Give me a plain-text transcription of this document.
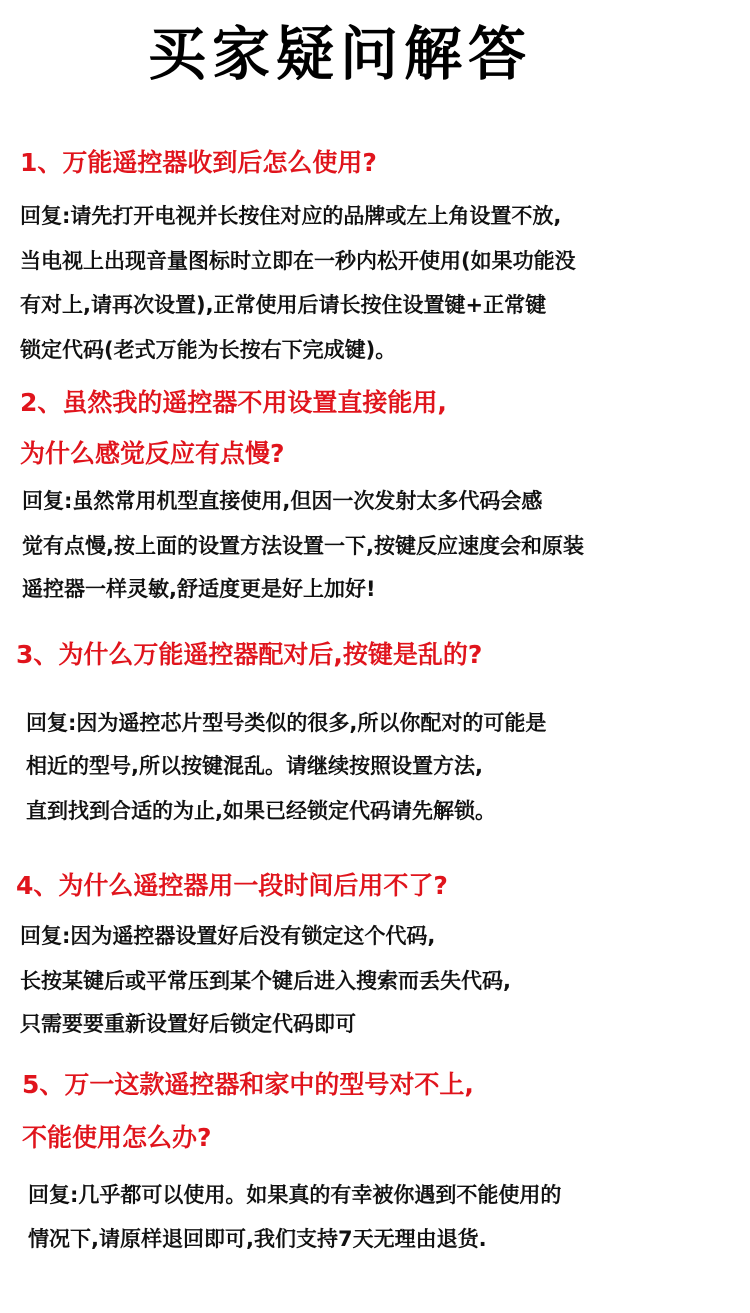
买家疑问解答
1、万能遥控器收到后怎么使用?
回复:请先打开电视并长按住对应的品牌或左上角设置不放,
当电视上出现音量图标时立即在一秒内松开使用(如果功能没
有对上,请再次设置),正常使用后请长按住设置键+正常键
锁定代码(老式万能为长按右下完成键)。
2、虽然我的遥控器不用设置直接能用,
为什么感觉反应有点慢?
回复:虽然常用机型直接使用,但因一次发射太多代码会感
觉有点慢,按上面的设置方法设置一下,按键反应速度会和原装
遥控器一样灵敏,舒适度更是好上加好!
3、为什么万能遥控器配对后,按键是乱的?
回复:因为遥控芯片型号类似的很多,所以你配对的可能是
相近的型号,所以按键混乱。请继续按照设置方法,
直到找到合适的为止,如果已经锁定代码请先解锁。
4、为什么遥控器用一段时间后用不了?
回复:因为遥控器设置好后没有锁定这个代码,
长按某键后或平常压到某个键后进入搜索而丢失代码,
只需要要重新设置好后锁定代码即可
5、万一这款遥控器和家中的型号对不上,
不能使用怎么办?
回复:几乎都可以使用。如果真的有幸被你遇到不能使用的
情况下,请原样退回即可,我们支持7天无理由退货.
